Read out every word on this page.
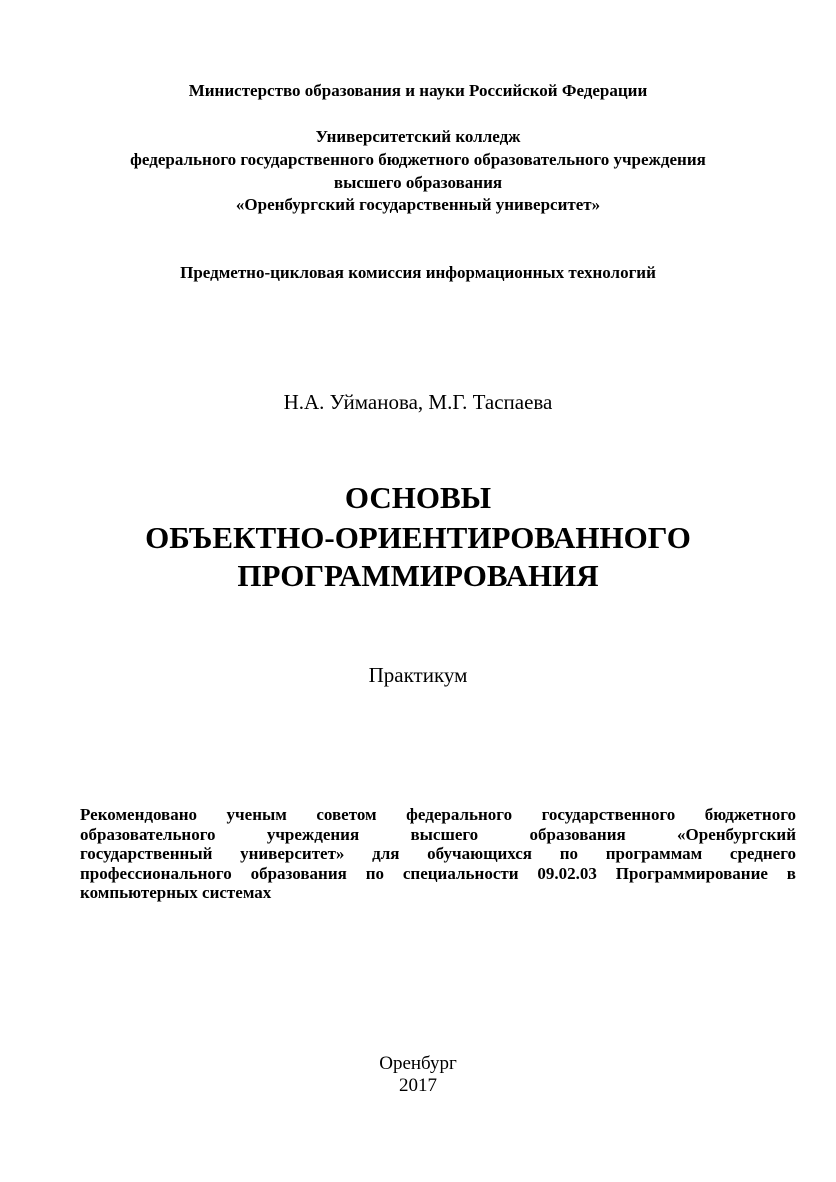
Министерство образования и науки Российской Федерации
Университетский колледж
федерального государственного бюджетного образовательного учреждения
высшего образования
«Оренбургский государственный университет»
Предметно-цикловая комиссия информационных технологий
Н.А. Уйманова, М.Г. Таспаева
ОСНОВЫ
ОБЪЕКТНО-ОРИЕНТИРОВАННОГО
ПРОГРАММИРОВАНИЯ
Практикум
Рекомендовано ученым советом федерального государственного бюджетного
образовательного учреждения высшего образования «Оренбургский
государственный университет» для обучающихся по программам среднего
профессионального образования по специальности 09.02.03 Программирование в
компьютерных системах
Оренбург
2017
